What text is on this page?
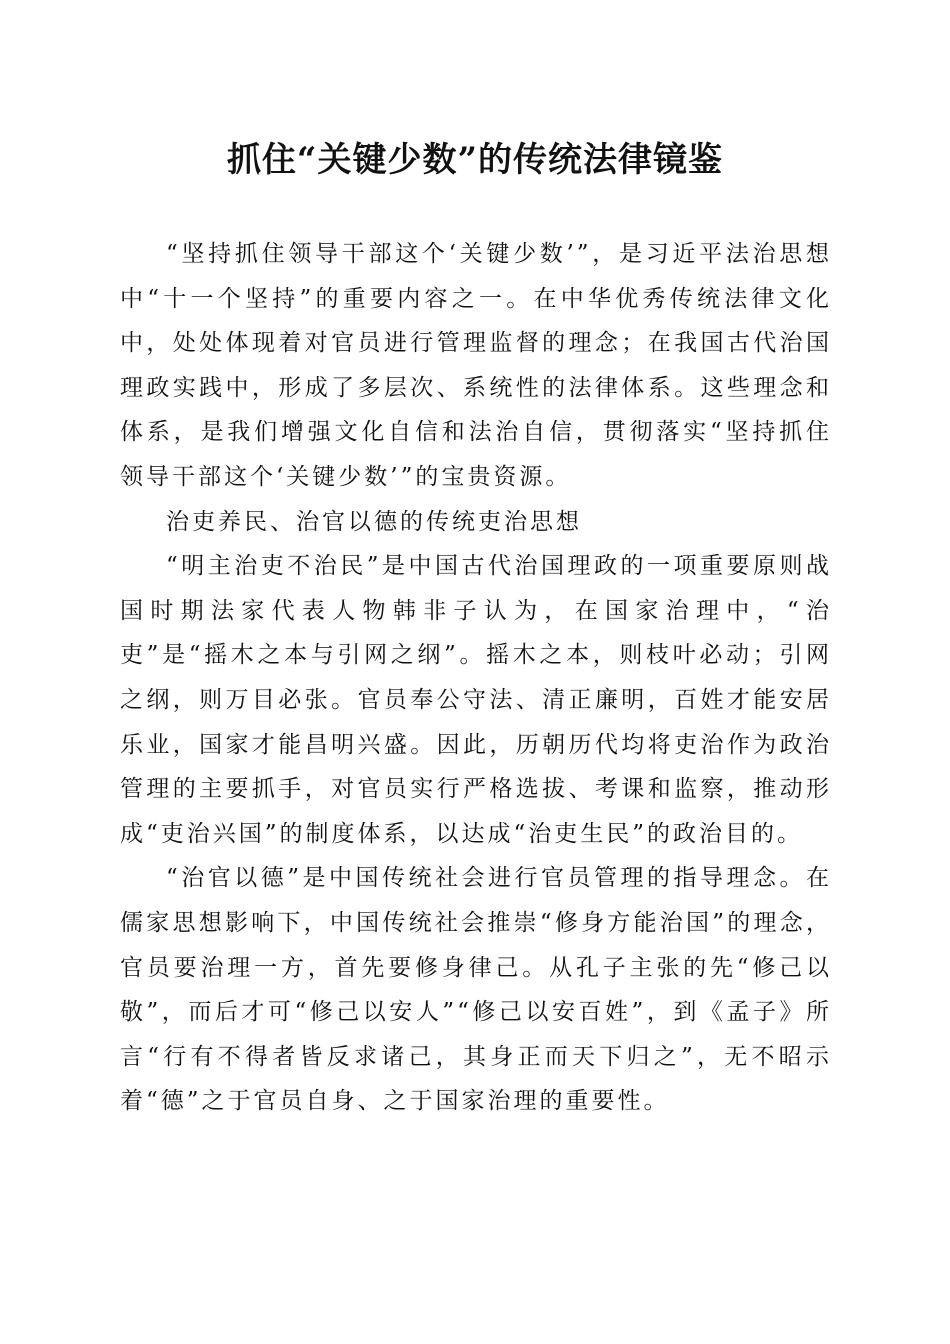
抓住“关键少数”的传统法律镜鉴

“坚持抓住领导干部这个‘关键少数’”，是习近平法治思想中“十一个坚持”的重要内容之一。在中华优秀传统法律文化中，处处体现着对官员进行管理监督的理念；在我国古代治国理政实践中，形成了多层次、系统性的法律体系。这些理念和体系，是我们增强文化自信和法治自信，贯彻落实“坚持抓住领导干部这个‘关键少数’”的宝贵资源。

治吏养民、治官以德的传统吏治思想

“明主治吏不治民”是中国古代治国理政的一项重要原则战国时期法家代表人物韩非子认为，在国家治理中，“治吏”是“摇木之本与引网之纲”。摇木之本，则枝叶必动；引网之纲，则万目必张。官员奉公守法、清正廉明，百姓才能安居乐业，国家才能昌明兴盛。因此，历朝历代均将吏治作为政治管理的主要抓手，对官员实行严格选拔、考课和监察，推动形成“吏治兴国”的制度体系，以达成“治吏生民”的政治目的。

“治官以德”是中国传统社会进行官员管理的指导理念。在儒家思想影响下，中国传统社会推崇“修身方能治国”的理念，官员要治理一方，首先要修身律己。从孔子主张的先“修己以敬”，而后才可“修己以安人”“修己以安百姓”，到《孟子》所言“行有不得者皆反求诸己，其身正而天下归之”，无不昭示着“德”之于官员自身、之于国家治理的重要性。
